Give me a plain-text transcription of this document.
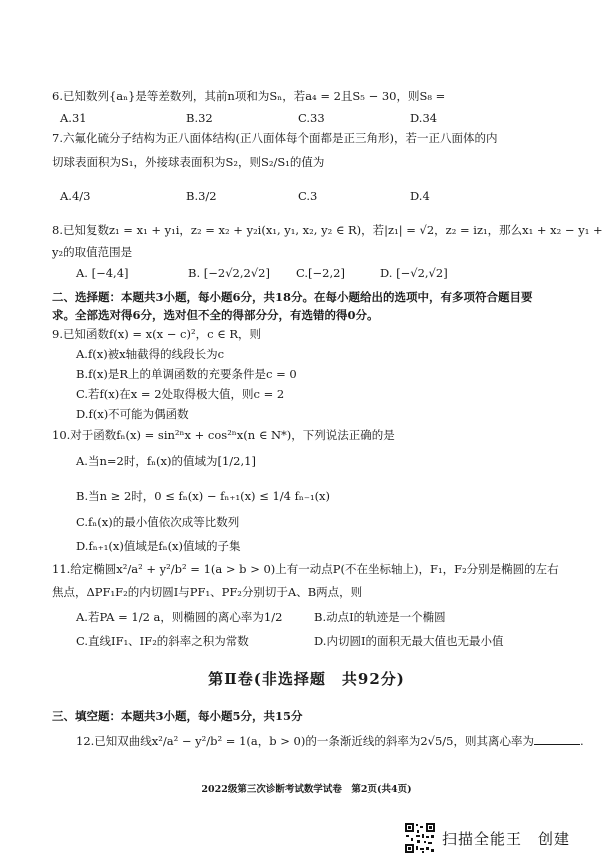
6.已知数列{aₙ}是等差数列，其前n项和为Sₙ，若a₄ = 2且S₅ − 30，则S₈ =
A.31	B.32	C.33	D.34
7.六氟化硫分子结构为正八面体结构(正八面体每个面都是正三角形)，若一正八面体的内
切球表面积为S₁，外接球表面积为S₂，则S₂/S₁的值为
A.4/3	B.3/2	C.3	D.4
8.已知复数z₁ = x₁ + y₁i，z₂ = x₂ + y₂i(x₁, y₁, x₂, y₂ ∈ R)，若|z₁| = √2，z₂ = iz₁，那么x₁ + x₂ − y₁ +
y₂的取值范围是
A. [−4,4]	B. [−2√2,2√2] C.[−2,2]	D. [−√2,√2]
二、选择题：本题共3小题，每小题6分，共18分。在每小题给出的选项中，有多项符合题目要
求。全部选对得6分，选对但不全的得部分分，有选错的得0分。
9.已知函数f(x) = x(x − c)²，c ∈ R，则
A.f(x)被x轴截得的线段长为c
B.f(x)是R上的单调函数的充要条件是c = 0
C.若f(x)在x = 2处取得极大值，则c = 2
D.f(x)不可能为偶函数
10.对于函数fₙ(x) = sin²ⁿx + cos²ⁿx(n ∈ N*)，下列说法正确的是
A.当n=2时，fₙ(x)的值域为[1/2,1]
B.当n ≥ 2时，0 ≤ fₙ(x) − fₙ₊₁(x) ≤ 1/4 fₙ₋₁(x)
C.fₙ(x)的最小值依次成等比数列
D.fₙ₊₁(x)值域是fₙ(x)值域的子集
11.给定椭圆x²/a² + y²/b² = 1(a > b > 0)上有一动点P(不在坐标轴上)，F₁，F₂分别是椭圆的左右
焦点，ΔPF₁F₂的内切圆I与PF₁、PF₂分别切于A、B两点，则
A.若PA = 1/2 a，则椭圆的离心率为1/2	B.动点I的轨迹是一个椭圆
C.直线IF₁、IF₂的斜率之积为常数	D.内切圆I的面积无最大值也无最小值
第Ⅱ卷(非选择题　共92分)
三、填空题：本题共3小题，每小题5分，共15分
12.已知双曲线x²/a² − y²/b² = 1(a，b > 0)的一条渐近线的斜率为2√5/5，则其离心率为	.
2022级第三次诊断考试数学试卷　第2页(共4页)
扫描全能王　创建
